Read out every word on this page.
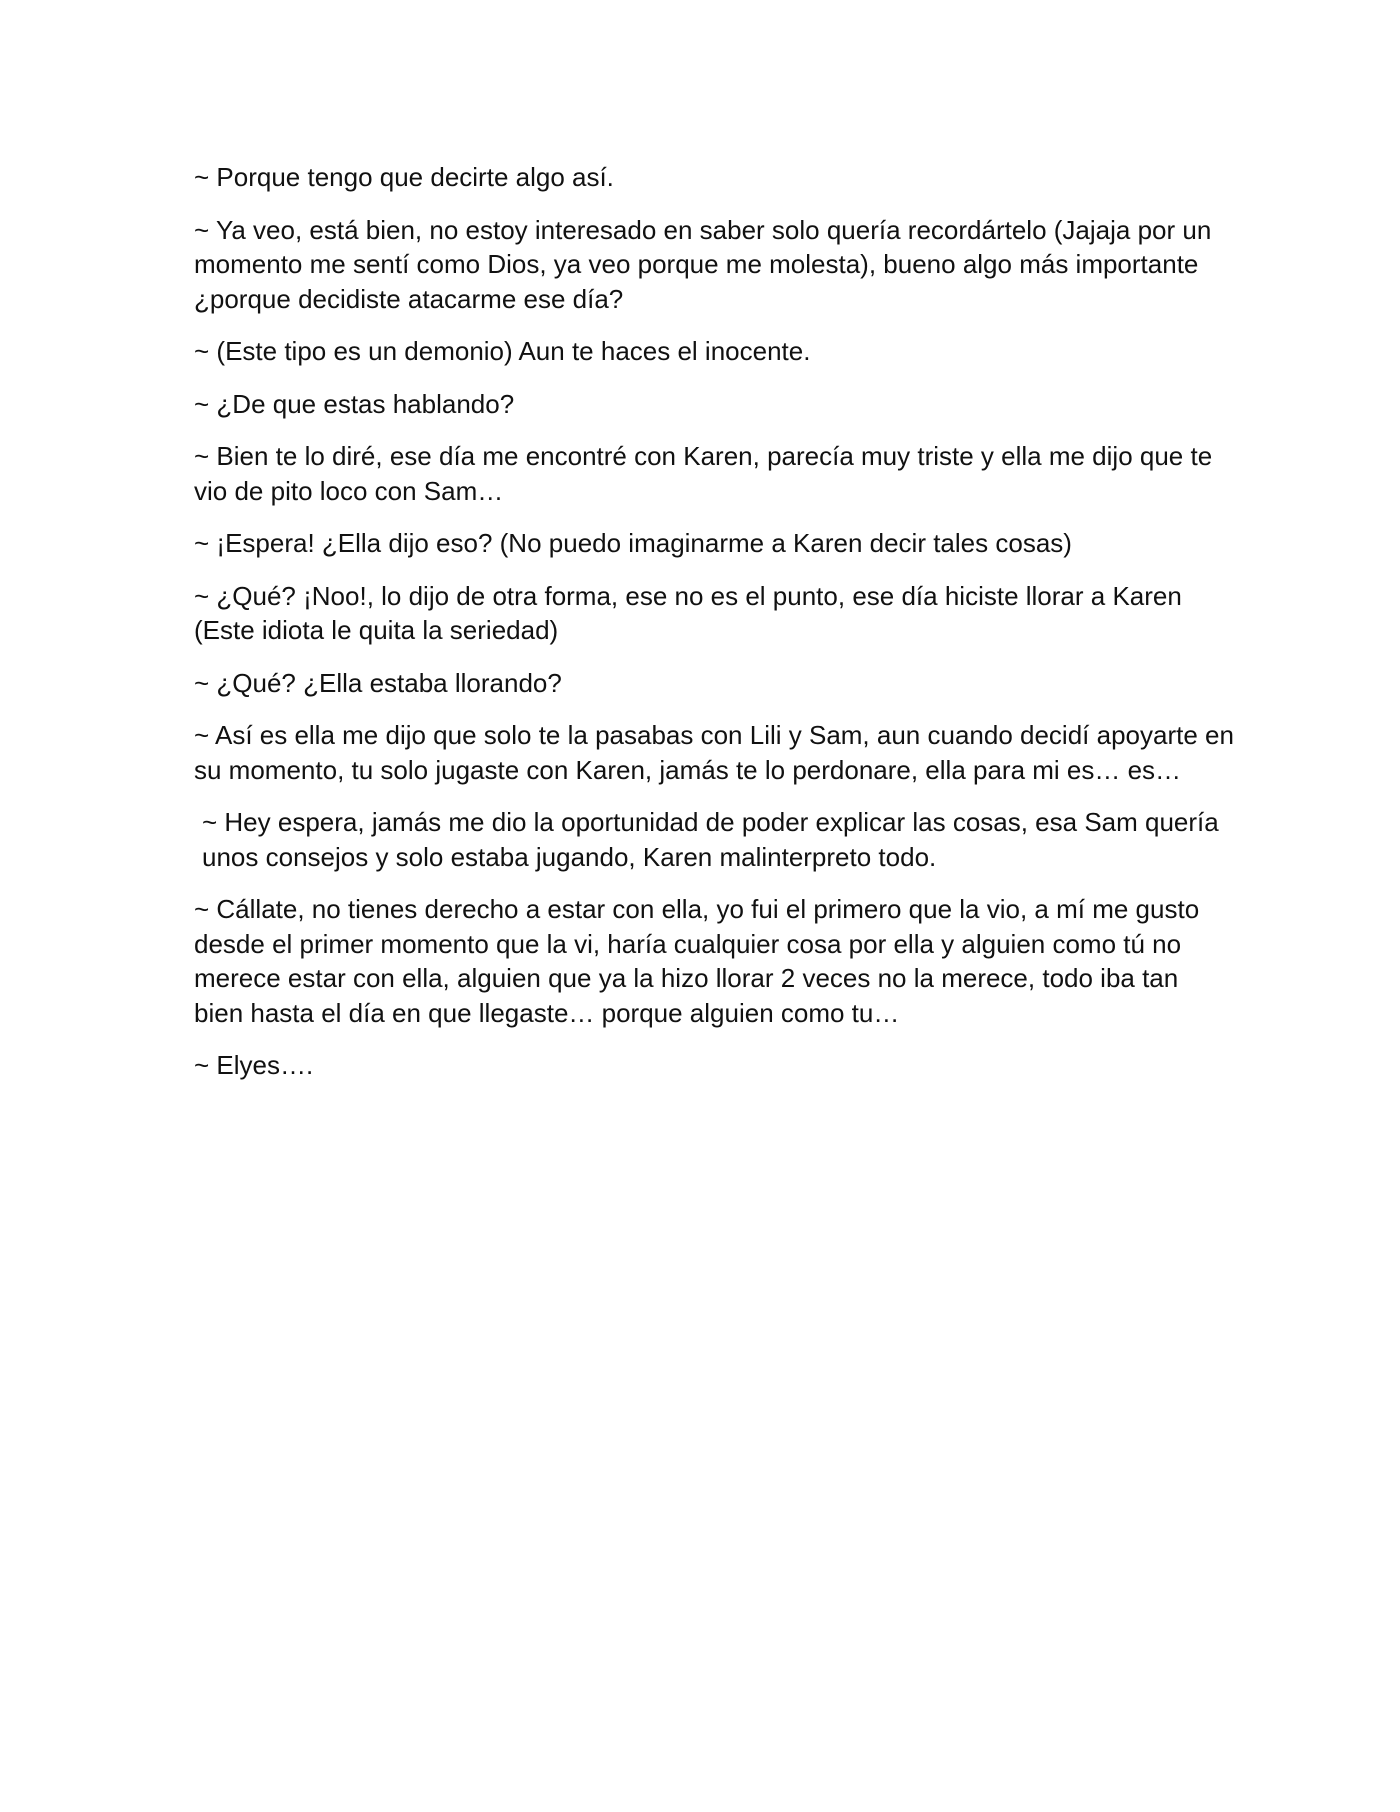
~ Porque tengo que decirte algo así.

~ Ya veo, está bien, no estoy interesado en saber solo quería recordártelo (Jajaja por un momento me sentí como Dios, ya veo porque me molesta), bueno algo más importante ¿porque decidiste atacarme ese día?

~ (Este tipo es un demonio) Aun te haces el inocente.

~ ¿De que estas hablando?

~ Bien te lo diré, ese día me encontré con Karen, parecía muy triste y ella me dijo que te vio de pito loco con Sam…

~ ¡Espera! ¿Ella dijo eso? (No puedo imaginarme a Karen decir tales cosas)

~ ¿Qué? ¡Noo!, lo dijo de otra forma, ese no es el punto, ese día hiciste llorar a Karen (Este idiota le quita la seriedad)

~ ¿Qué? ¿Ella estaba llorando?

~ Así es ella me dijo que solo te la pasabas con Lili y Sam, aun cuando decidí apoyarte en su momento, tu solo jugaste con Karen, jamás te lo perdonare, ella para mi es… es…

~ Hey espera, jamás me dio la oportunidad de poder explicar las cosas, esa Sam quería unos consejos y solo estaba jugando, Karen malinterpreto todo.

~ Cállate, no tienes derecho a estar con ella, yo fui el primero que la vio, a mí me gusto desde el primer momento que la vi, haría cualquier cosa por ella y alguien como tú no merece estar con ella, alguien que ya la hizo llorar 2 veces no la merece, todo iba tan bien hasta el día en que llegaste… porque alguien como tu…

~ Elyes….
